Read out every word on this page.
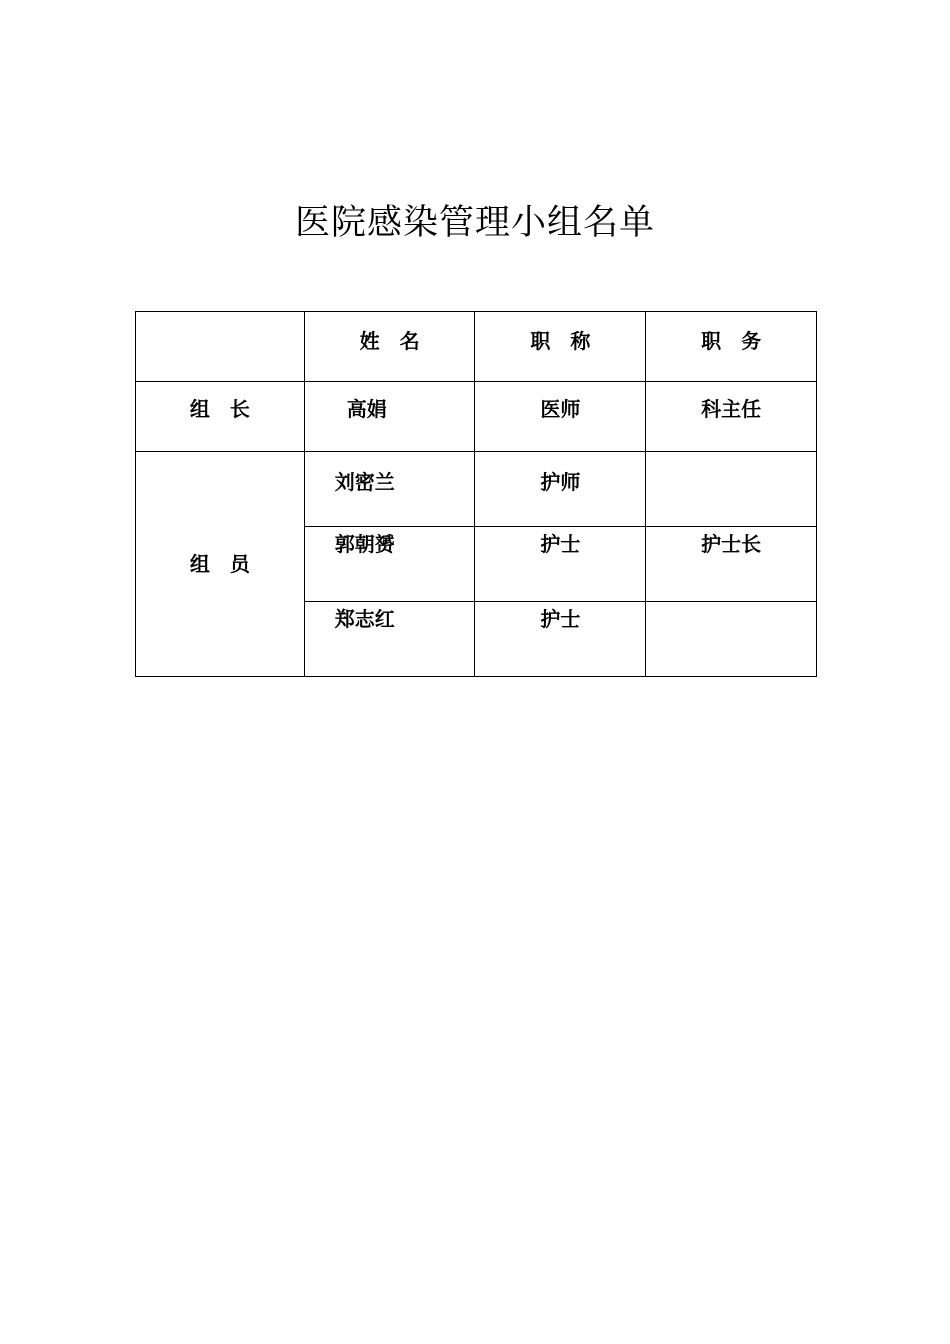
医院感染管理小组名单

	姓　名	职　称	职　务

组　长	高娟	医师	科主任

组　员	刘密兰	护师	

	郭朝赟	护士	护士长

	郑志红	护士	
